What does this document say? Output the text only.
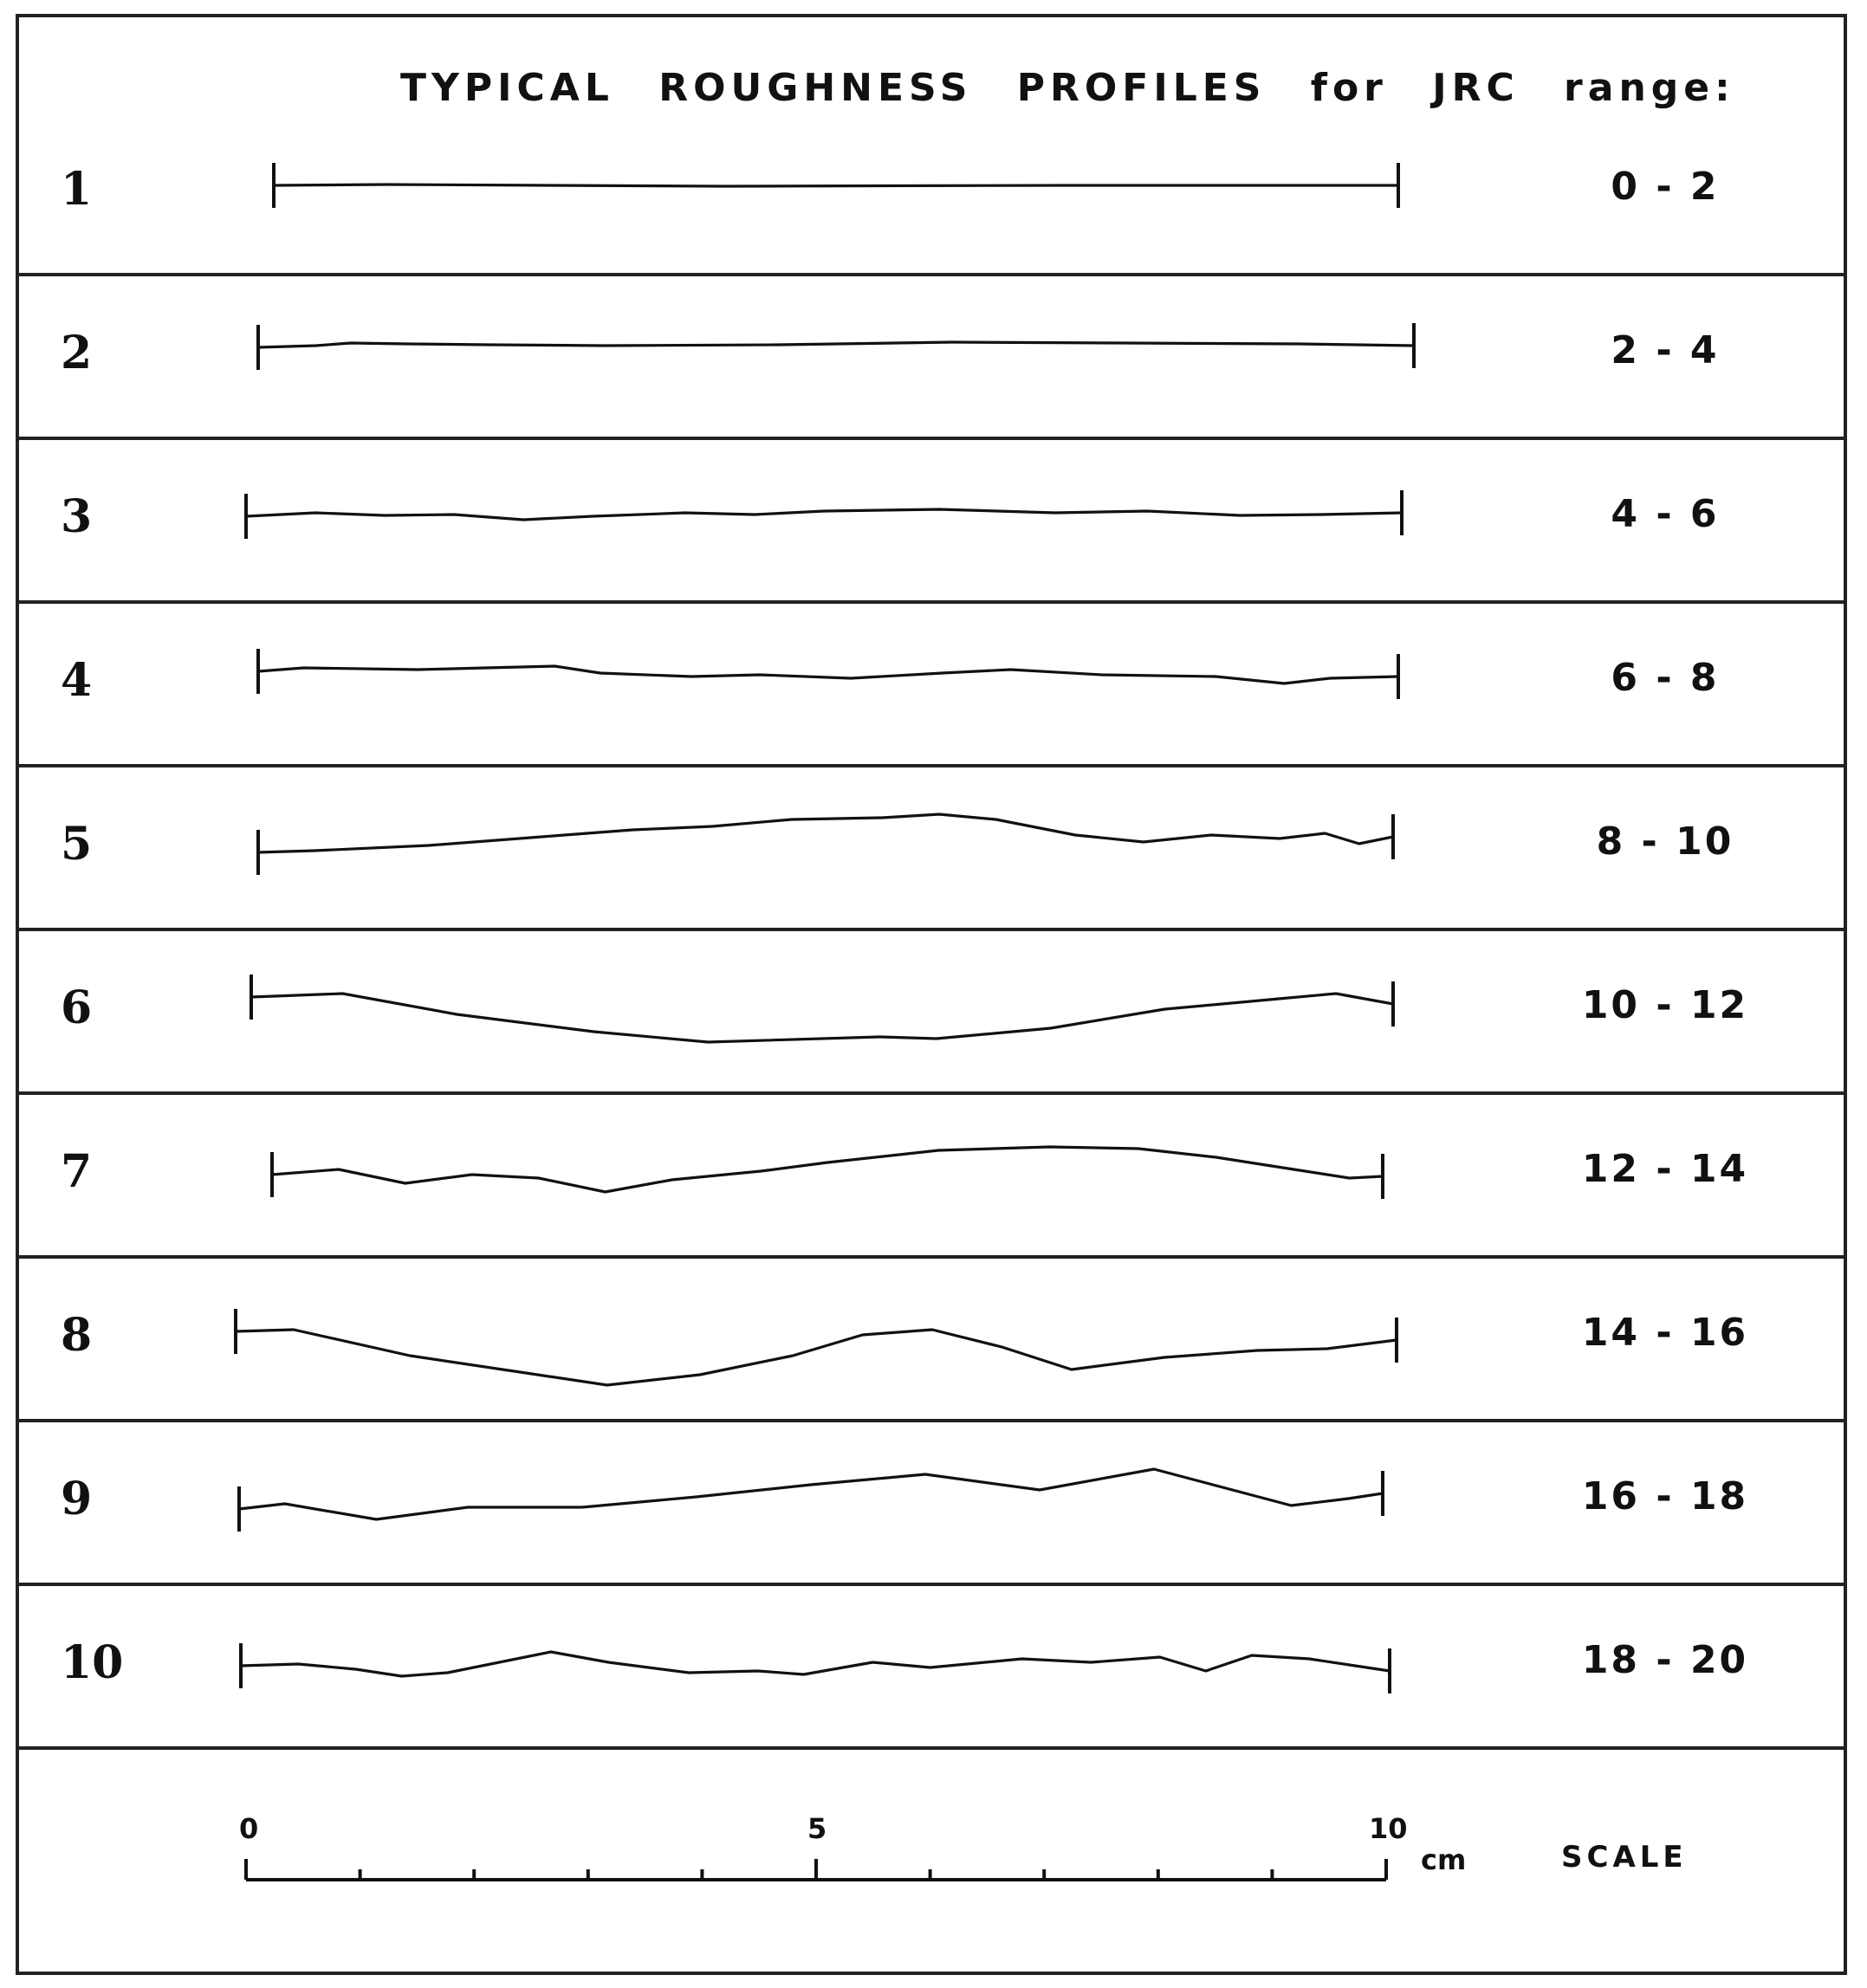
TYPICAL ROUGHNESS PROFILES for JRC range:
1	0 - 2
2	2 - 4
3	4 - 6
4	6 - 8
5	8 - 10
6	10 - 12
7	12 - 14
8	14 - 16
9	16 - 18
10	18 - 20
0	5	10
cm	SCALE
